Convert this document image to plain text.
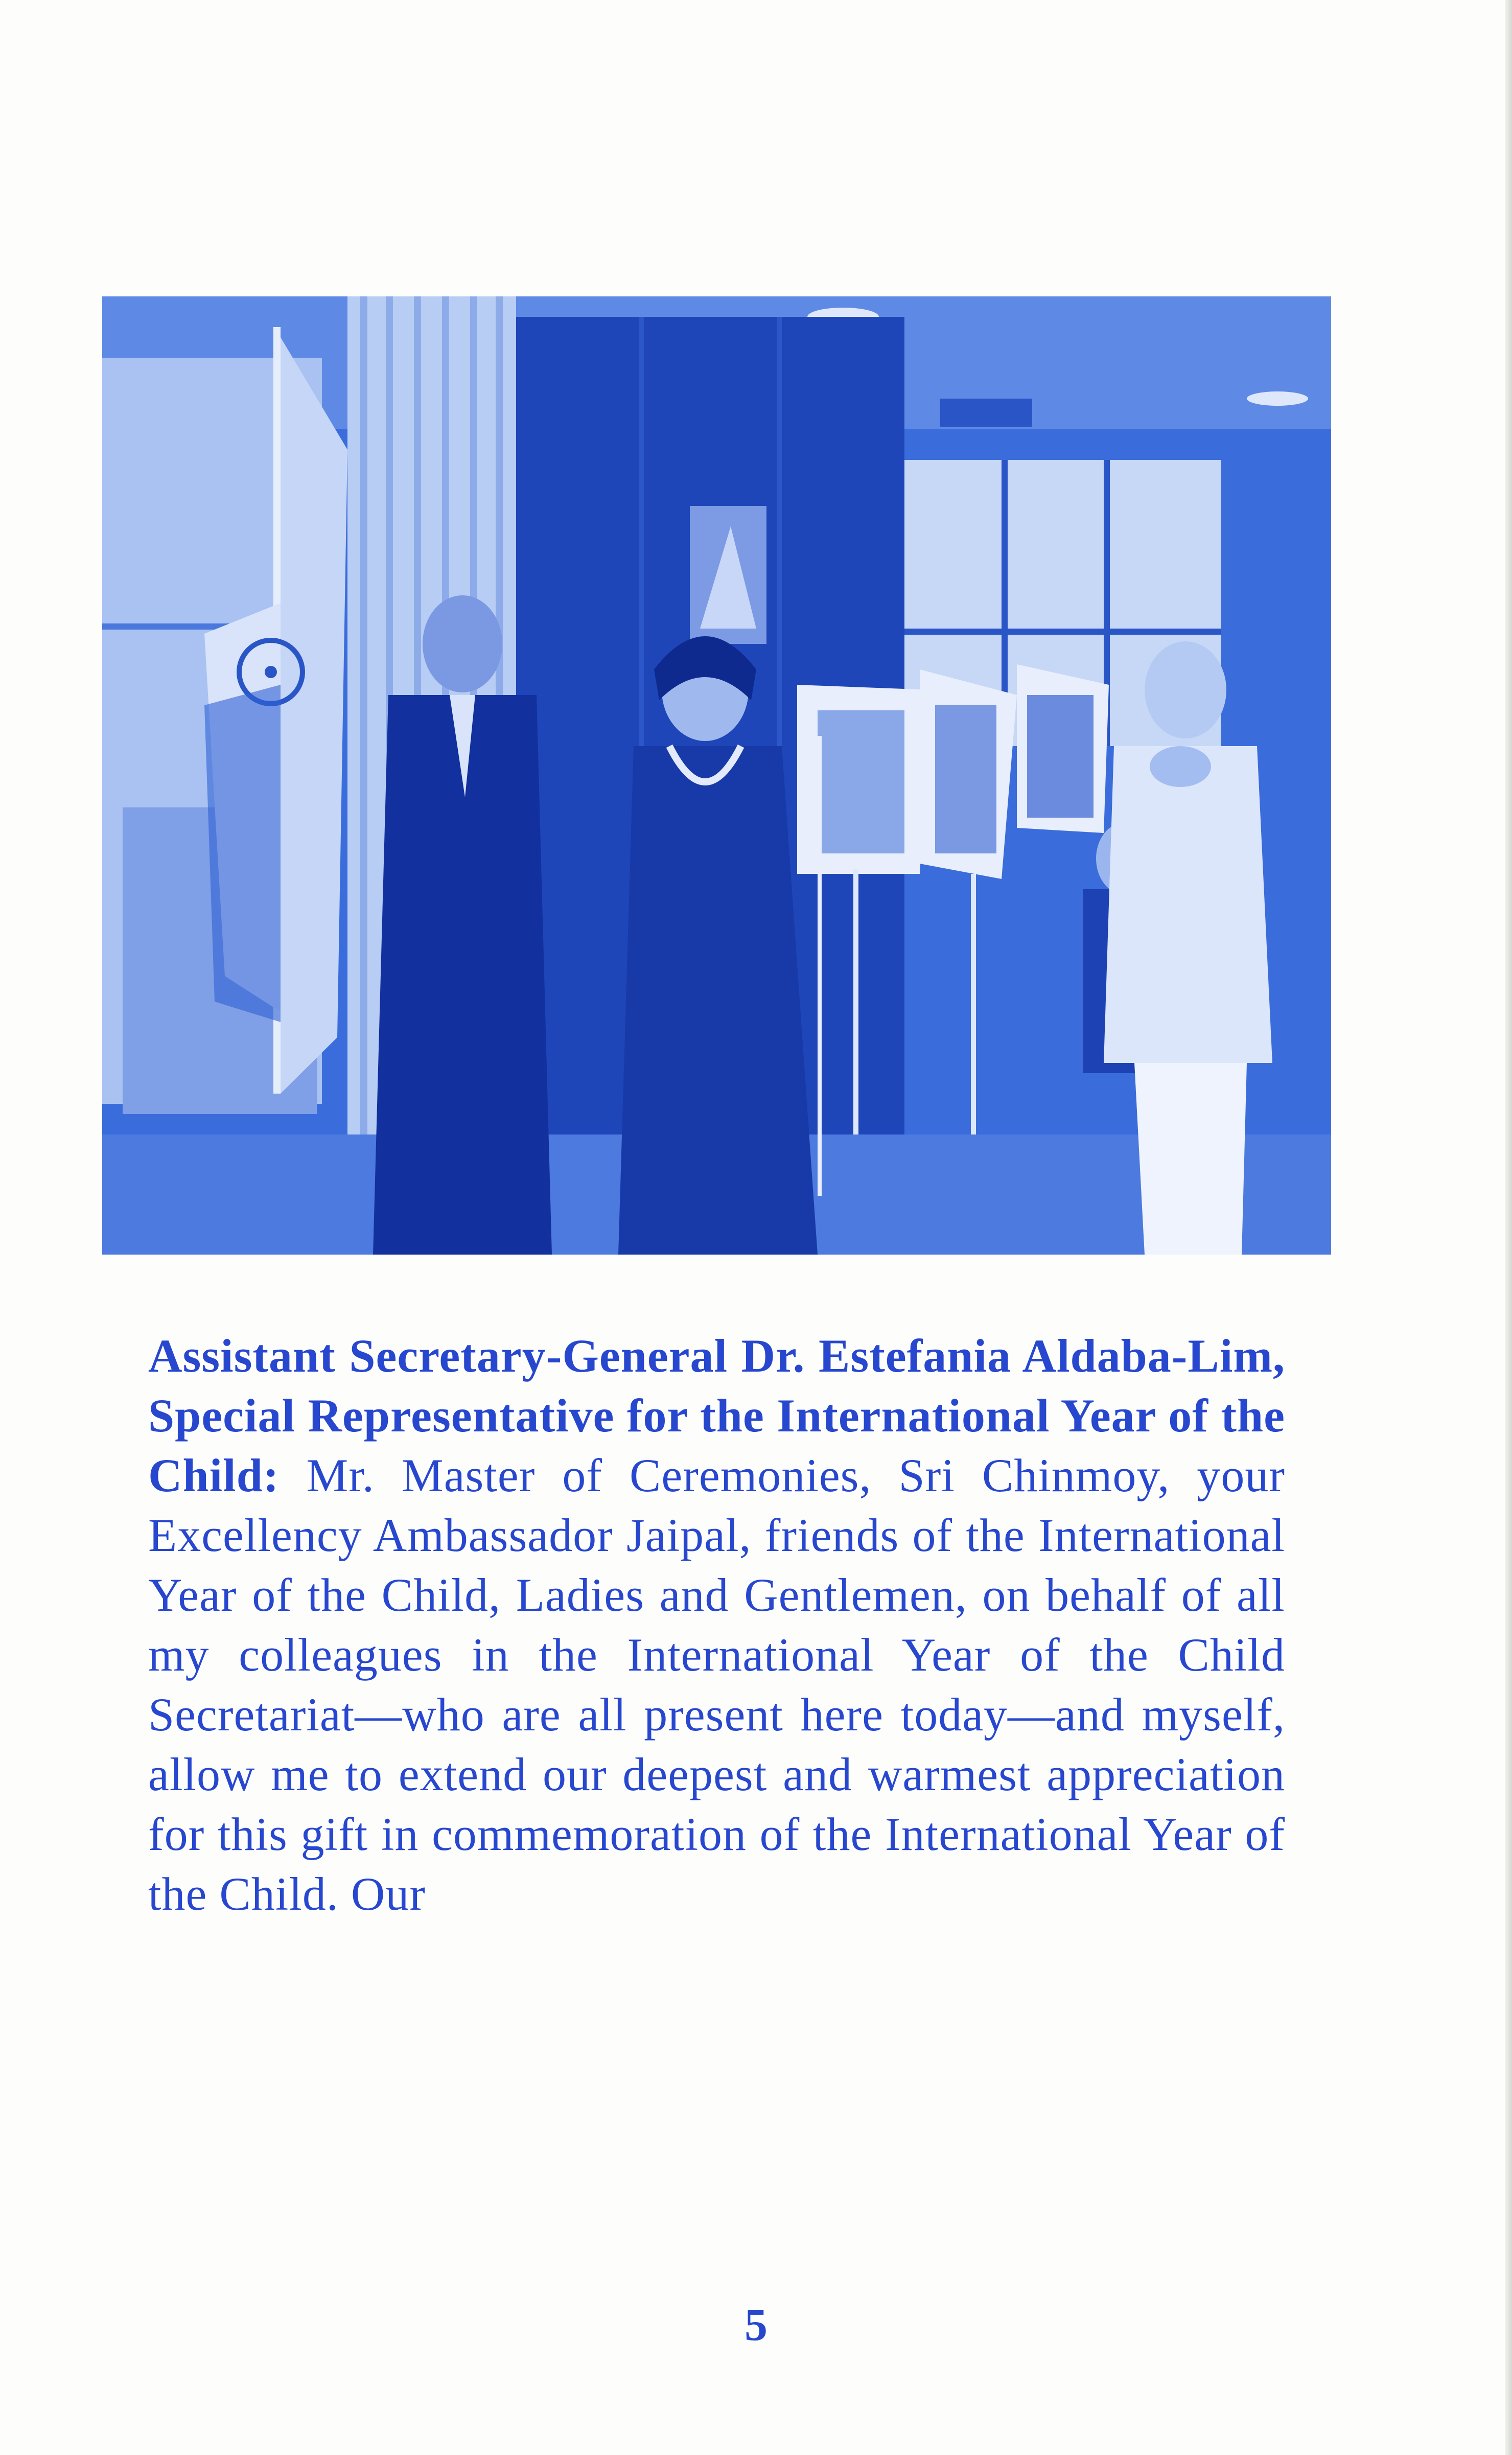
Assistant Secretary-General Dr. Estefania Aldaba-Lim, Special Representative for the International Year of the Child: Mr. Master of Ceremonies, Sri Chinmoy, your Excellency Ambassador Jaipal, friends of the International Year of the Child, Ladies and Gentlemen, on behalf of all my colleagues in the International Year of the Child Secretariat—who are all present here today—and myself, allow me to extend our deepest and warmest appreciation for this gift in commemoration of the International Year of the Child. Our

5
